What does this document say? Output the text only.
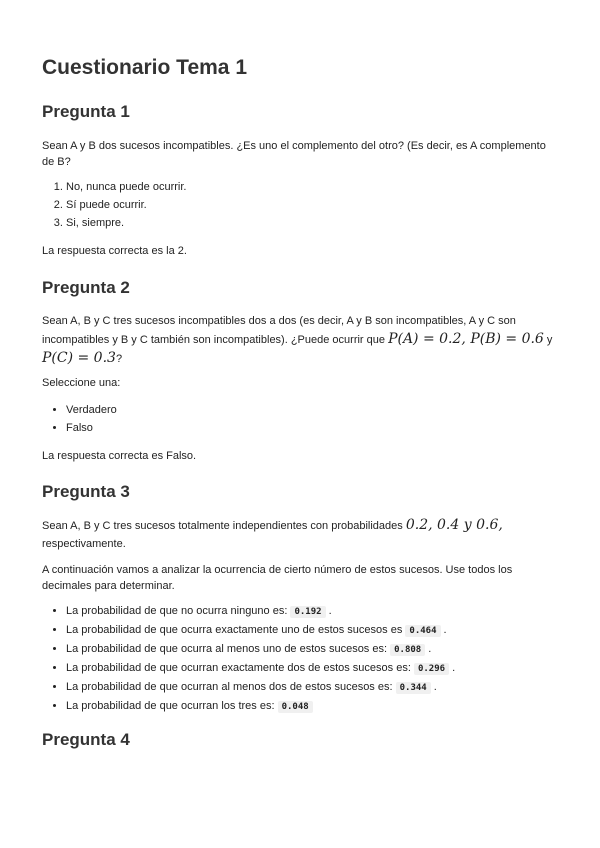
Cuestionario Tema 1
Pregunta 1

Sean A y B dos sucesos incompatibles. ¿Es uno el complemento del otro? (Es decir, es A complemento de B?

1. No, nunca puede ocurrir.
2. Sí puede ocurrir.
3. Si, siempre.

La respuesta correcta es la 2.

Pregunta 2

Sean A, B y C tres sucesos incompatibles dos a dos (es decir, A y B son incompatibles, A y C son incompatibles y B y C también son incompatibles). ¿Puede ocurrir que P(A) = 0.2, P(B) = 0.6 y P(C) = 0.3?

Seleccione una:

• Verdadero
• Falso

La respuesta correcta es Falso.

Pregunta 3

Sean A, B y C tres sucesos totalmente independientes con probabilidades 0.2, 0.4 y 0.6, respectivamente.

A continuación vamos a analizar la ocurrencia de cierto número de estos sucesos. Use todos los decimales para determinar.

• La probabilidad de que no ocurra ninguno es: 0.192 .
• La probabilidad de que ocurra exactamente uno de estos sucesos es 0.464 .
• La probabilidad de que ocurra al menos uno de estos sucesos es: 0.808 .
• La probabilidad de que ocurran exactamente dos de estos sucesos es: 0.296 .
• La probabilidad de que ocurran al menos dos de estos sucesos es: 0.344 .
• La probabilidad de que ocurran los tres es: 0.048
Pregunta 4
